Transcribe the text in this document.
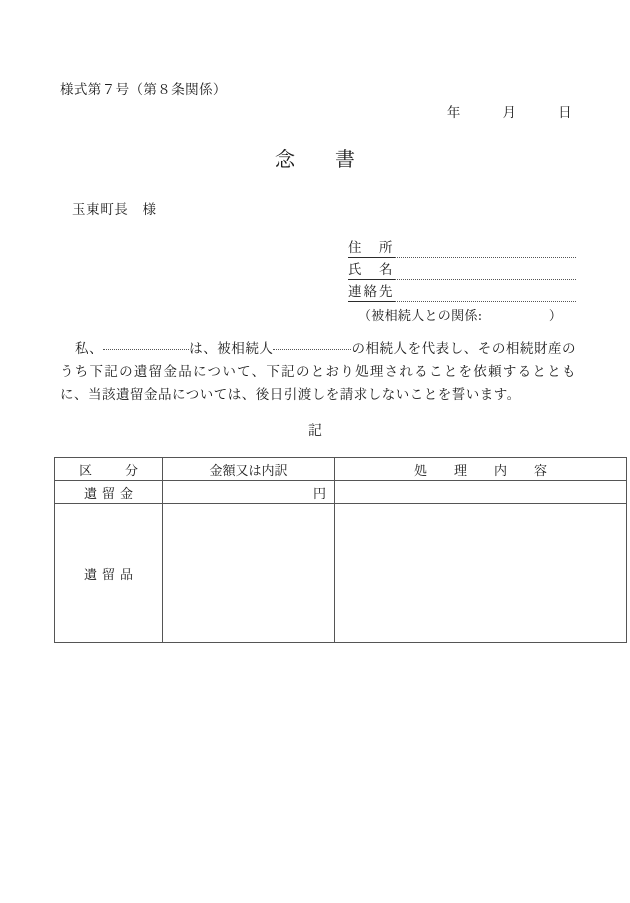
様式第７号（第８条関係）
年　　　月　　　日
念書
玉東町長　様
住　所
氏　名
連絡先
（被相続人との関係:　　　　　）
私、	は、被相続人	の相続人を代表し、その相続財産のうち下記の遺留金品について、下記のとおり処理されることを依頼するとともに、当該遺留金品については、後日引渡しを請求しないことを誓います。
記
区　分	金額又は内訳	処　理　内　容
遺留金	円	
遺留品		
